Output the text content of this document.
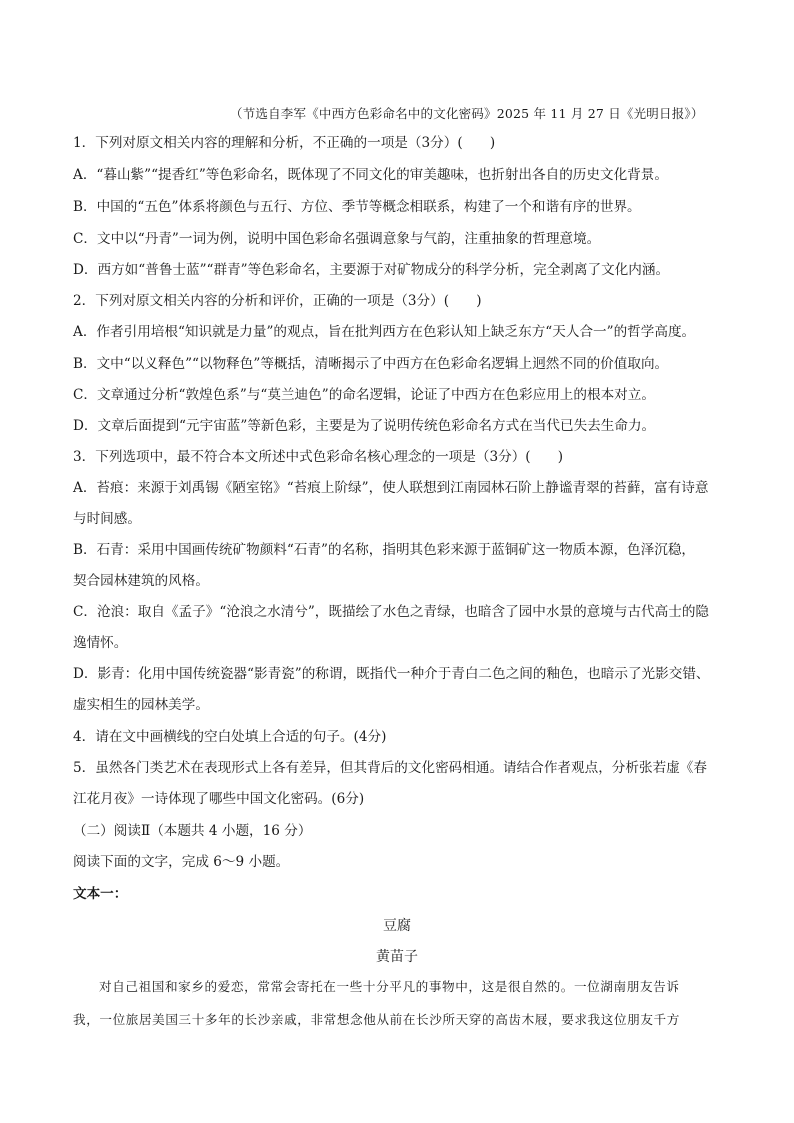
（节选自李军《中西方色彩命名中的文化密码》2025 年 11 月 27 日《光明日报》）
1．下列对原文相关内容的理解和分析，不正确的一项是（3分）(　　)
A．“暮山紫”“提香红”等色彩命名，既体现了不同文化的审美趣味，也折射出各自的历史文化背景。
B．中国的“五色”体系将颜色与五行、方位、季节等概念相联系，构建了一个和谐有序的世界。
C．文中以“丹青”一词为例，说明中国色彩命名强调意象与气韵，注重抽象的哲理意境。
D．西方如“普鲁士蓝”“群青”等色彩命名，主要源于对矿物成分的科学分析，完全剥离了文化内涵。
2．下列对原文相关内容的分析和评价，正确的一项是（3分）(　　)
A．作者引用培根“知识就是力量”的观点，旨在批判西方在色彩认知上缺乏东方“天人合一”的哲学高度。
B．文中“以义释色”“以物释色”等概括，清晰揭示了中西方在色彩命名逻辑上迥然不同的价值取向。
C．文章通过分析“敦煌色系”与“莫兰迪色”的命名逻辑，论证了中西方在色彩应用上的根本对立。
D．文章后面提到“元宇宙蓝”等新色彩，主要是为了说明传统色彩命名方式在当代已失去生命力。
3．下列选项中，最不符合本文所述中式色彩命名核心理念的一项是（3分）(　　)
A．苔痕：来源于刘禹锡《陋室铭》“苔痕上阶绿”，使人联想到江南园林石阶上静谧青翠的苔藓，富有诗意
与时间感。
B．石青：采用中国画传统矿物颜料“石青”的名称，指明其色彩来源于蓝铜矿这一物质本源，色泽沉稳，
契合园林建筑的风格。
C．沧浪：取自《孟子》“沧浪之水清兮”，既描绘了水色之青绿，也暗含了园中水景的意境与古代高士的隐
逸情怀。
D．影青：化用中国传统瓷器“影青瓷”的称谓，既指代一种介于青白二色之间的釉色，也暗示了光影交错、
虚实相生的园林美学。
4．请在文中画横线的空白处填上合适的句子。(4分)
5．虽然各门类艺术在表现形式上各有差异，但其背后的文化密码相通。请结合作者观点，分析张若虚《春
江花月夜》一诗体现了哪些中国文化密码。(6分)
（二）阅读Ⅱ（本题共 4 小题，16 分）
阅读下面的文字，完成 6～9 小题。
文本一：
豆腐
黄苗子
对自己祖国和家乡的爱恋，常常会寄托在一些十分平凡的事物中，这是很自然的。一位湖南朋友告诉
我，一位旅居美国三十多年的长沙亲戚，非常想念他从前在长沙所天穿的高齿木屐，要求我这位朋友千方
